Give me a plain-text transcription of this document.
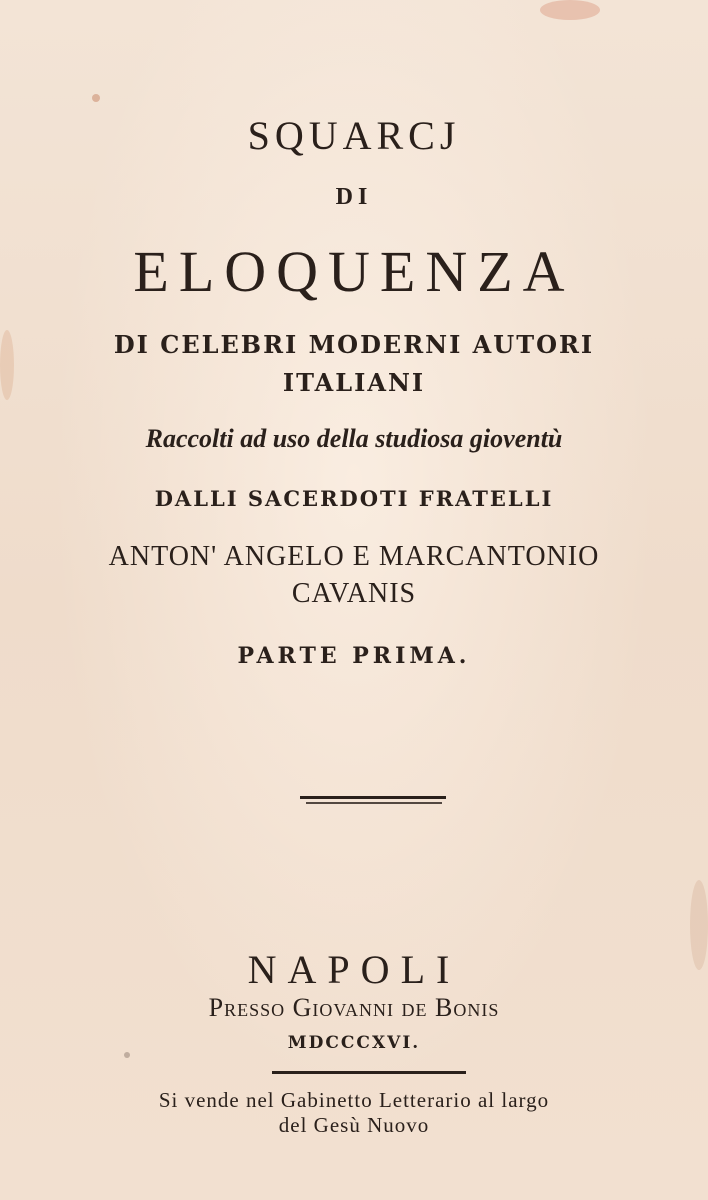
SQUARCJ
DI
ELOQUENZA
DI CELEBRI MODERNI AUTORI
ITALIANI
Raccolti ad uso della studiosa gioventù
DALLI SACERDOTI FRATELLI
ANTON' ANGELO E MARCANTONIO
CAVANIS
PARTE PRIMA.
NAPOLI
Presso Giovanni de Bonis
MDCCCXVI.
Si vende nel Gabinetto Letterario al largo
del Gesù Nuovo
